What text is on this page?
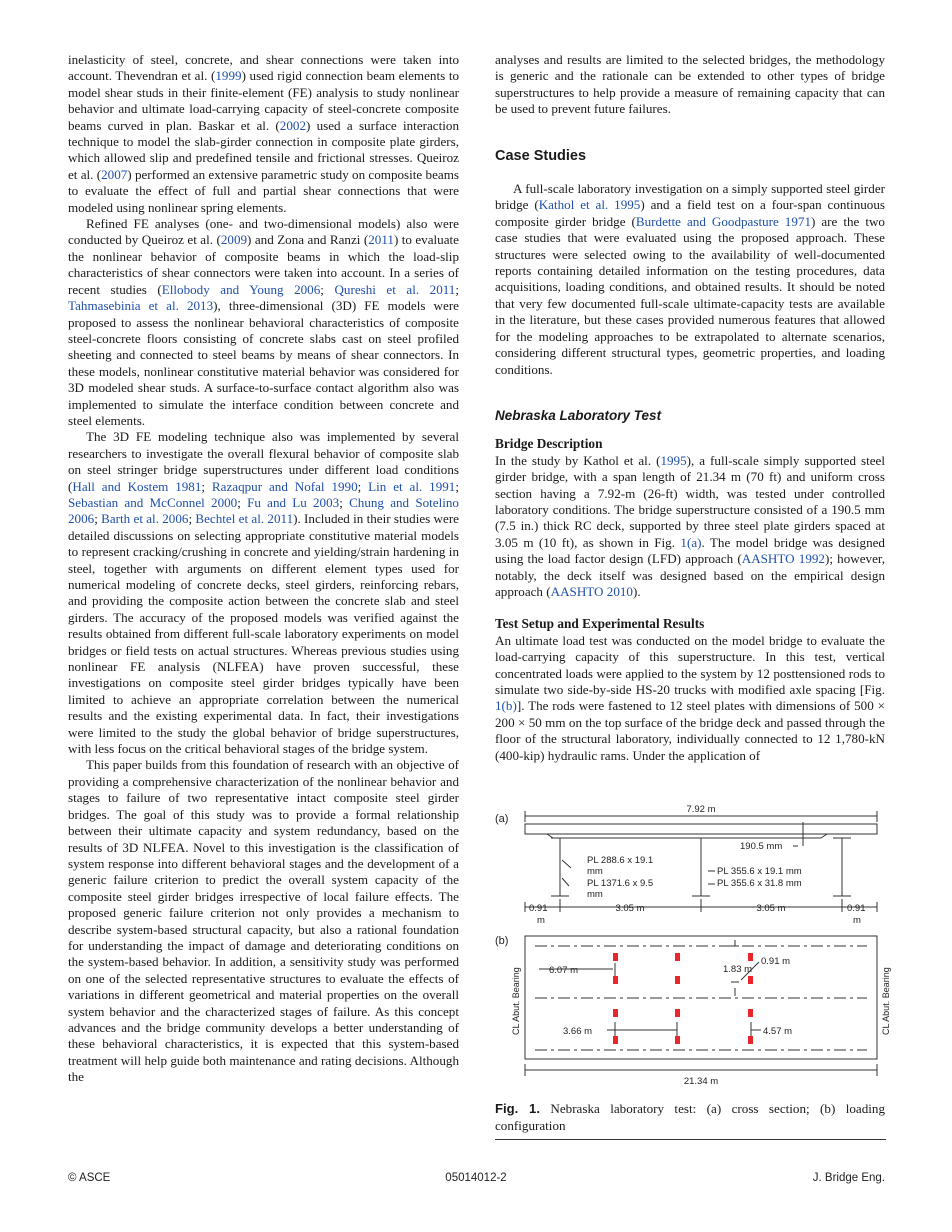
inelasticity of steel, concrete, and shear connections were taken into account. Thevendran et al. (1999) used rigid connection beam elements to model shear studs in their finite-element (FE) analysis to study nonlinear behavior and ultimate load-carrying capacity of steel-concrete composite beams curved in plan. Baskar et al. (2002) used a surface interaction technique to model the slab-girder connection in composite plate girders, which allowed slip and predefined tensile and frictional stresses. Queiroz et al. (2007) performed an extensive parametric study on composite beams to evaluate the effect of full and partial shear connections that were modeled using nonlinear spring elements.

Refined FE analyses (one- and two-dimensional models) also were conducted by Queiroz et al. (2009) and Zona and Ranzi (2011) to evaluate the nonlinear behavior of composite beams in which the load-slip characteristics of shear connectors were taken into account. In a series of recent studies (Ellobody and Young 2006; Qureshi et al. 2011; Tahmasebinia et al. 2013), three-dimensional (3D) FE models were proposed to assess the nonlinear behavioral characteristics of composite steel-concrete floors consisting of concrete slabs cast on steel profiled sheeting and connected to steel beams by means of shear connectors. In these models, nonlinear constitutive material behavior was considered for 3D modeled shear studs. A surface-to-surface contact algorithm also was implemented to simulate the interface condition between concrete and steel elements.

The 3D FE modeling technique also was implemented by several researchers to investigate the overall flexural behavior of composite slab on steel stringer bridge superstructures under different load conditions (Hall and Kostem 1981; Razaqpur and Nofal 1990; Lin et al. 1991; Sebastian and McConnel 2000; Fu and Lu 2003; Chung and Sotelino 2006; Barth et al. 2006; Bechtel et al. 2011). Included in their studies were detailed discussions on selecting appropriate constitutive material models to represent cracking/crushing in concrete and yielding/strain hardening in steel, together with arguments on different element types used for numerical modeling of concrete decks, steel girders, reinforcing rebars, and providing the composite action between the concrete slab and steel girders. The accuracy of the proposed models was verified against the results obtained from different full-scale laboratory experiments on model bridges or field tests on actual structures. Whereas previous studies using nonlinear FE analysis (NLFEA) have proven successful, these investigations on composite steel girder bridges typically have been limited to achieve an appropriate correlation between the numerical results and the existing experimental data. In fact, their investigations were limited to the study the global behavior of bridge superstructures, with less focus on the critical behavioral stages of the bridge system.

This paper builds from this foundation of research with an objective of providing a comprehensive characterization of the nonlinear behavior and stages to failure of two representative intact composite steel girder bridges. The goal of this study was to provide a formal relationship between their ultimate capacity and system redundancy, based on the results of 3D NLFEA. Novel to this investigation is the classification of system response into different behavioral stages and the development of a generic failure criterion to predict the overall system capacity of the composite steel girder bridges irrespective of local failure effects. The proposed generic failure criterion not only provides a mechanism to describe system-based structural capacity, but also a rational foundation for understanding the impact of damage and deteriorating conditions on the system-based behavior. In addition, a sensitivity study was performed on one of the selected representative structures to evaluate the effects of variations in different geometrical and material properties on the overall system behavior and the characterized stages of failure. As this concept advances and the bridge community develops a better understanding of these behavioral characteristics, it is expected that this system-based treatment will help guide both maintenance and rating decisions. Although the

analyses and results are limited to the selected bridges, the methodology is generic and the rationale can be extended to other types of bridge superstructures to help provide a measure of remaining capacity that can be used to prevent future failures.

Case Studies

A full-scale laboratory investigation on a simply supported steel girder bridge (Kathol et al. 1995) and a field test on a four-span continuous composite girder bridge (Burdette and Goodpasture 1971) are the two case studies that were evaluated using the proposed approach. These structures were selected owing to the availability of well-documented reports containing detailed information on the testing procedures, data acquisitions, loading conditions, and obtained results. It should be noted that very few documented full-scale ultimate-capacity tests are available in the literature, but these cases provided numerous features that allowed for the modeling approaches to be extrapolated to alternate scenarios, considering different structural types, geometric properties, and loading conditions.

Nebraska Laboratory Test
Bridge Description

In the study by Kathol et al. (1995), a full-scale simply supported steel girder bridge, with a span length of 21.34 m (70 ft) and uniform cross section having a 7.92-m (26-ft) width, was tested under controlled laboratory conditions. The bridge superstructure consisted of a 190.5 mm (7.5 in.) thick RC deck, supported by three steel plate girders spaced at 3.05 m (10 ft), as shown in Fig. 1(a). The model bridge was designed using the load factor design (LFD) approach (AASHTO 1992); however, notably, the deck itself was designed based on the empirical design approach (AASHTO 2010).

Test Setup and Experimental Results

An ultimate load test was conducted on the model bridge to evaluate the load-carrying capacity of this superstructure. In this test, vertical concentrated loads were applied to the system by 12 posttensioned rods to simulate two side-by-side HS-20 trucks with modified axle spacing [Fig. 1(b)]. The rods were fastened to 12 steel plates with dimensions of 500 × 200 × 50 mm on the top surface of the bridge deck and passed through the floor of the structural laboratory, individually connected to 12 1,780-kN (400-kip) hydraulic rams. Under the application of

(a)
7.92 m
190.5 mm
PL 288.6 x 19.1
mm
PL 1371.6 x 9.5
mm
PL 355.6 x 19.1 mm
PL 355.6 x 31.8 mm
0.91
m
3.05 m	3.05 m	0.91
m
(b)
6.07 m	1.83 m
0.91 m
3.66 m	4.57 m
21.34 m
CL Abut. Bearing	CL Abut. Bearing
Fig. 1. Nebraska laboratory test: (a) cross section; (b) loading configuration
© ASCE	05014012-2	J. Bridge Eng.
